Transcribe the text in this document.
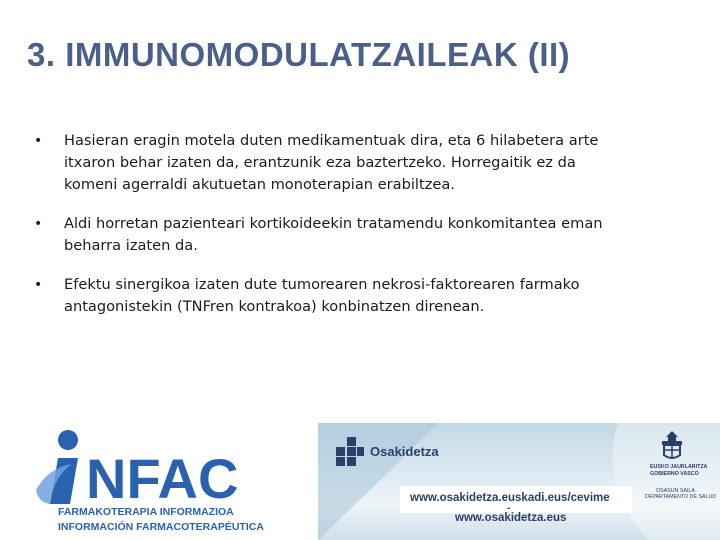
3. IMMUNOMODULATZAILEAK (II)
• Hasieran eragin motela duten medikamentuak dira, eta 6 hilabetera arte
itxaron behar izaten da, erantzunik eza baztertzeko. Horregaitik ez da
komeni agerraldi akutuetan monoterapian erabiltzea.
• Aldi horretan pazienteari kortikoideekin tratamendu konkomitantea eman
beharra izaten da.
• Efektu sinergikoa izaten dute tumorearen nekrosi-faktorearen farmako
antagonistekin (TNFren kontrakoa) konbinatzen direnean.
NFAC
FARMAKOTERAPIA INFORMAZIOA
INFORMACIÓN FARMACOTERAPÉUTICA
Osakidetza
www.osakidetza.euskadi.eus/cevime
-
www.osakidetza.eus
EUSKO JAURLARITZA
GOBIERNO VASCO
OSASUN SAILA
DEPARTAMENTO DE SALUD
